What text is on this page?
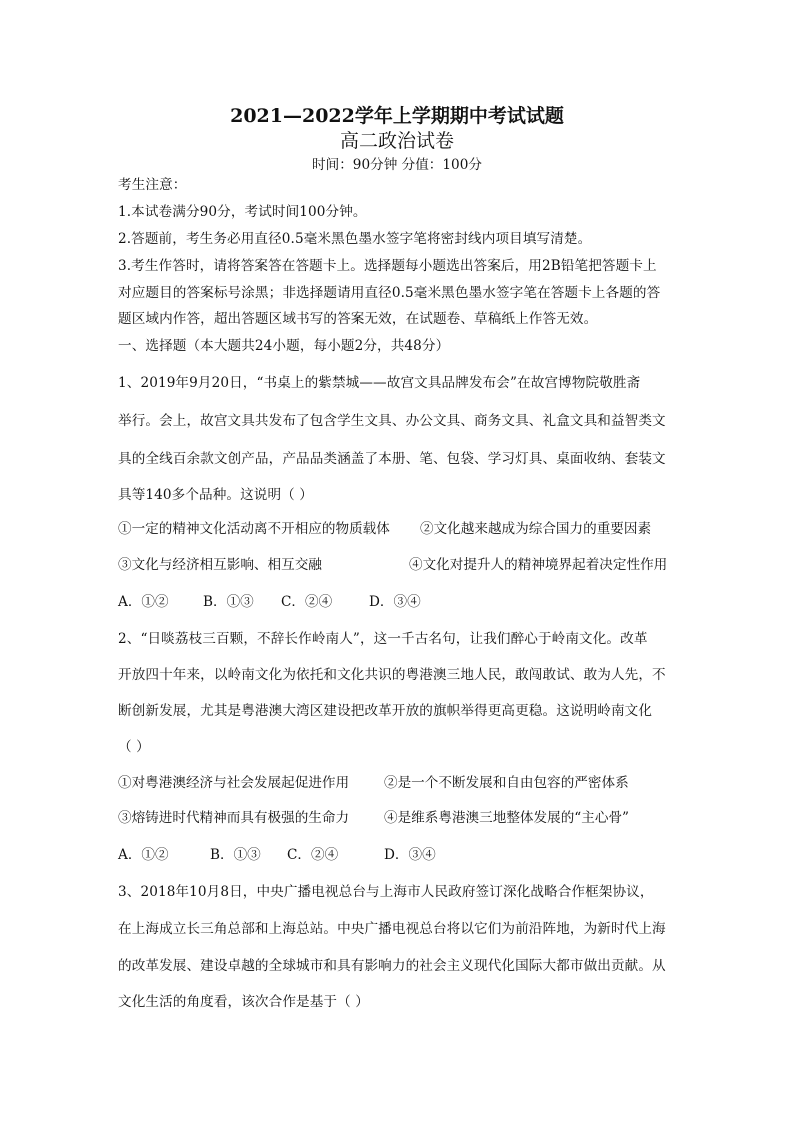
2021—2022学年上学期期中考试试题
高二政治试卷
时间：90分钟 分值：100分
考生注意：
1.本试卷满分90分，考试时间100分钟。
2.答题前，考生务必用直径0.5毫米黑色墨水签字笔将密封线内项目填写清楚。
3.考生作答时，请将答案答在答题卡上。选择题每小题选出答案后，用2B铅笔把答题卡上
对应题目的答案标号涂黑；非选择题请用直径0.5毫米黑色墨水签字笔在答题卡上各题的答
题区域内作答，超出答题区域书写的答案无效，在试题卷、草稿纸上作答无效。
一、选择题（本大题共24小题，每小题2分，共48分）
1、2019年9月20日，“书桌上的紫禁城——故宫文具品牌发布会”在故宫博物院敬胜斋
举行。会上，故宫文具共发布了包含学生文具、办公文具、商务文具、礼盒文具和益智类文
具的全线百余款文创产品，产品品类涵盖了本册、笔、包袋、学习灯具、桌面收纳、套装文
具等140多个品种。这说明（ ）
①一定的精神文化活动离不开相应的物质载体 ②文化越来越成为综合国力的重要因素
③文化与经济相互影响、相互交融	④文化对提升人的精神境界起着决定性作用
A．①②	B．①③ C．②④	D．③④
2、“日啖荔枝三百颗，不辞长作岭南人”，这一千古名句，让我们醉心于岭南文化。改革
开放四十年来，以岭南文化为依托和文化共识的粤港澳三地人民，敢闯敢试、敢为人先，不
断创新发展，尤其是粤港澳大湾区建设把改革开放的旗帜举得更高更稳。这说明岭南文化
（ ）
①对粤港澳经济与社会发展起促进作用	②是一个不断发展和自由包容的严密体系
③熔铸进时代精神而具有极强的生命力	④是维系粤港澳三地整体发展的“主心骨”
A．①②	B．①③ C．②④	D．③④
3、2018年10月8日，中央广播电视总台与上海市人民政府签订深化战略合作框架协议，
在上海成立长三角总部和上海总站。中央广播电视总台将以它们为前沿阵地，为新时代上海
的改革发展、建设卓越的全球城市和具有影响力的社会主义现代化国际大都市做出贡献。从
文化生活的角度看，该次合作是基于（ ）
